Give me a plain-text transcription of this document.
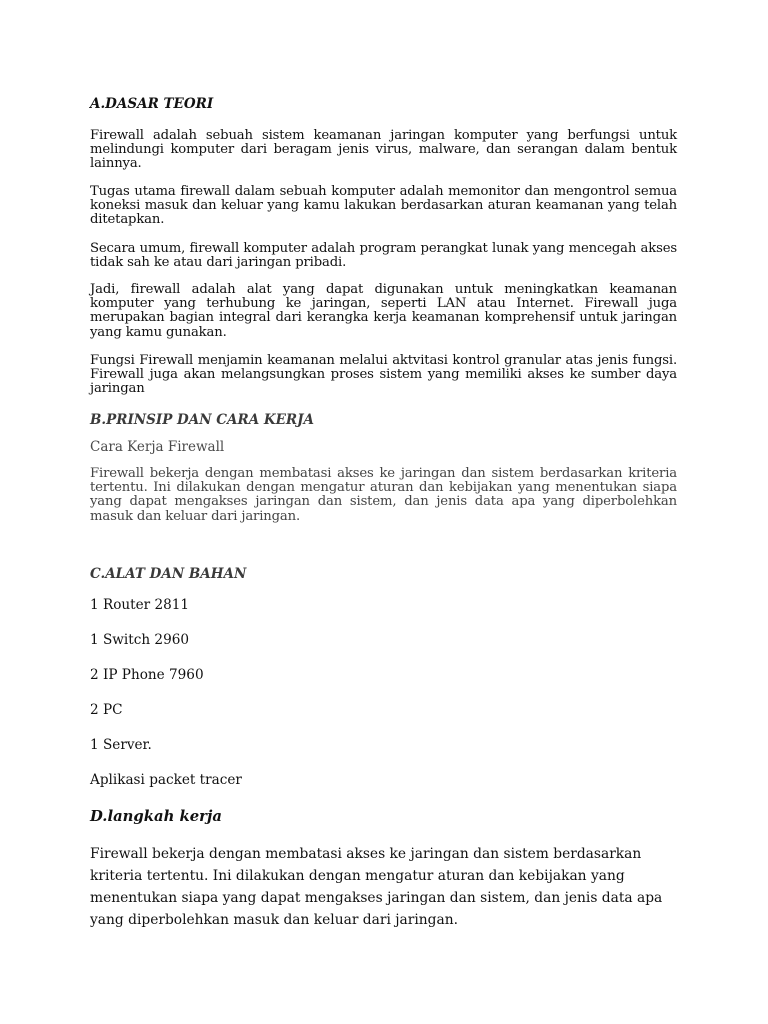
A.DASAR TEORI

Firewall adalah sebuah sistem keamanan jaringan komputer yang berfungsi untuk melindungi komputer dari beragam jenis virus, malware, dan serangan dalam bentuk lainnya.

Tugas utama firewall dalam sebuah komputer adalah memonitor dan mengontrol semua koneksi masuk dan keluar yang kamu lakukan berdasarkan aturan keamanan yang telah ditetapkan.

Secara umum, firewall komputer adalah program perangkat lunak yang mencegah akses tidak sah ke atau dari jaringan pribadi.

Jadi, firewall adalah alat yang dapat digunakan untuk meningkatkan keamanan komputer yang terhubung ke jaringan, seperti LAN atau Internet. Firewall juga merupakan bagian integral dari kerangka kerja keamanan komprehensif untuk jaringan yang kamu gunakan.

Fungsi Firewall menjamin keamanan melalui aktvitasi kontrol granular atas jenis fungsi. Firewall juga akan melangsungkan proses sistem yang memiliki akses ke sumber daya jaringan

B.PRINSIP DAN CARA KERJA
Cara Kerja Firewall

Firewall bekerja dengan membatasi akses ke jaringan dan sistem berdasarkan kriteria tertentu. Ini dilakukan dengan mengatur aturan dan kebijakan yang menentukan siapa yang dapat mengakses jaringan dan sistem, dan jenis data apa yang diperbolehkan masuk dan keluar dari jaringan.

C.ALAT DAN BAHAN
1 Router 2811
1 Switch 2960
2 IP Phone 7960
2 PC
1 Server.
Aplikasi packet tracer
D.langkah kerja

Firewall bekerja dengan membatasi akses ke jaringan dan sistem berdasarkan kriteria tertentu. Ini dilakukan dengan mengatur aturan dan kebijakan yang menentukan siapa yang dapat mengakses jaringan dan sistem, dan jenis data apa yang diperbolehkan masuk dan keluar dari jaringan.
